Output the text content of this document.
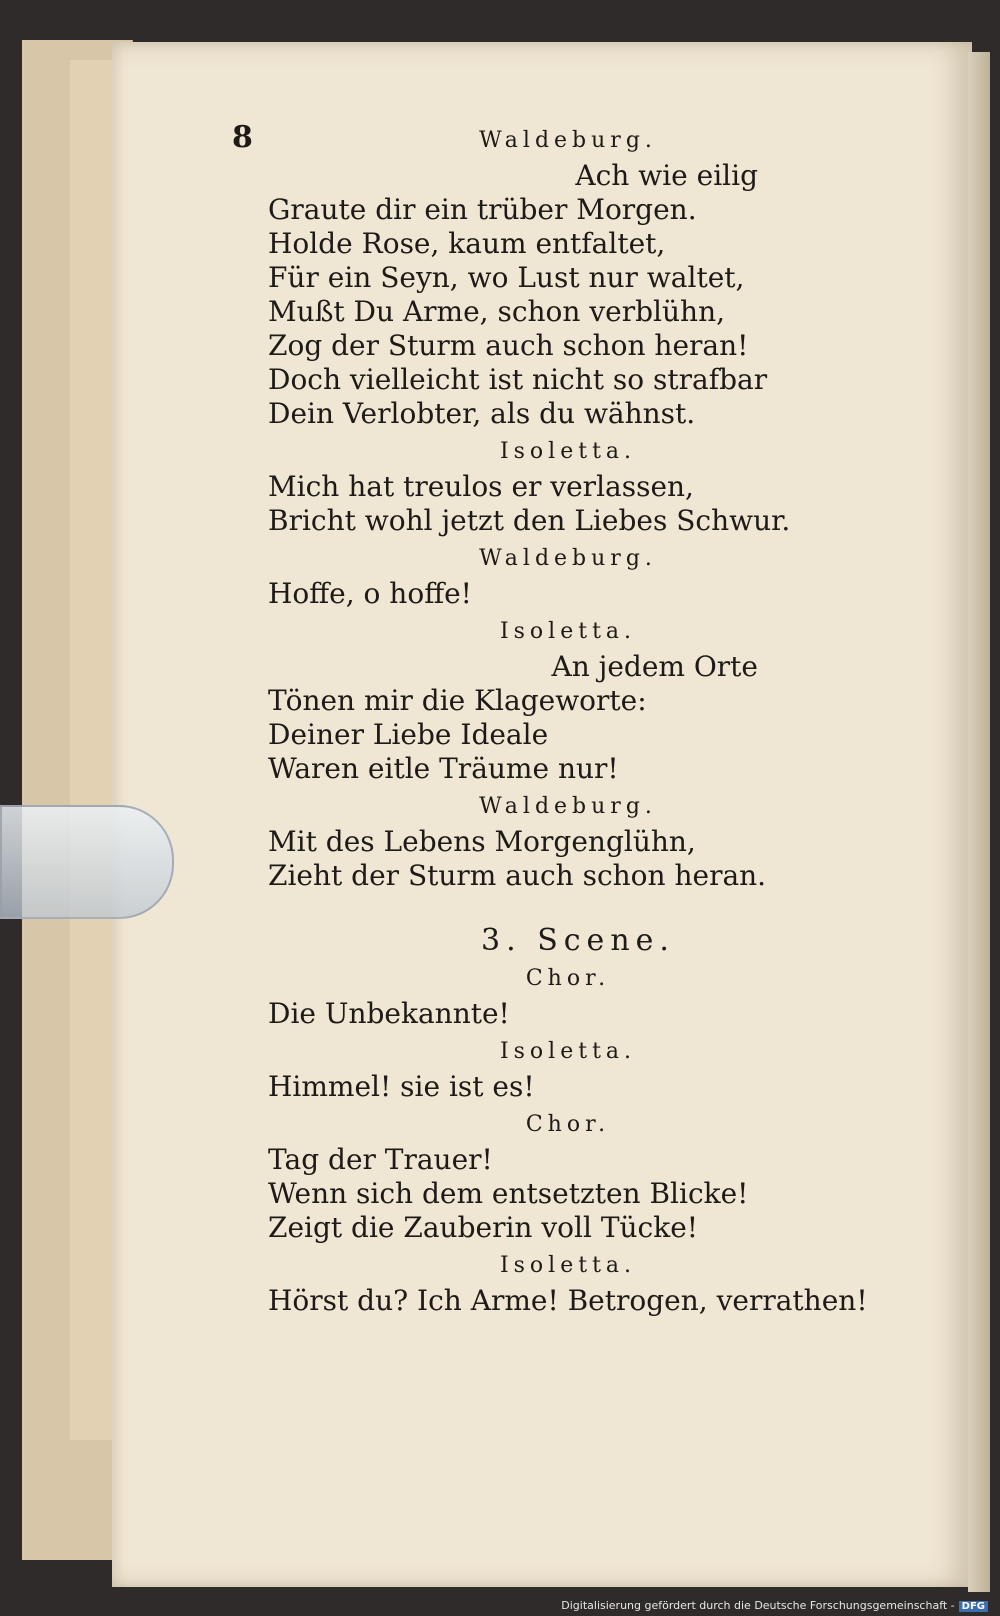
8	Waldeburg.
Ach wie eilig
Graute dir ein trüber Morgen.
Holde Rose, kaum entfaltet,
Für ein Seyn, wo Lust nur waltet,
Mußt Du Arme, schon verblühn,
Zog der Sturm auch schon heran!
Doch vielleicht ist nicht so strafbar
Dein Verlobter, als du wähnst.
Isoletta.
Mich hat treulos er verlassen,
Bricht wohl jetzt den Liebes Schwur.
Waldeburg.
Hoffe, o hoffe!
Isoletta.
An jedem Orte
Tönen mir die Klageworte:
Deiner Liebe Ideale
Waren eitle Träume nur!
Waldeburg.
Mit des Lebens Morgenglühn,
Zieht der Sturm auch schon heran.
3. Scene.
Chor.
Die Unbekannte!
Isoletta.
Himmel! sie ist es!
Chor.
Tag der Trauer!
Wenn sich dem entsetzten Blicke!
Zeigt die Zauberin voll Tücke!
Isoletta.
Hörst du? Ich Arme! Betrogen, verrathen!
Digitalisierung gefördert durch die Deutsche Forschungsgemeinschaft - DFG
